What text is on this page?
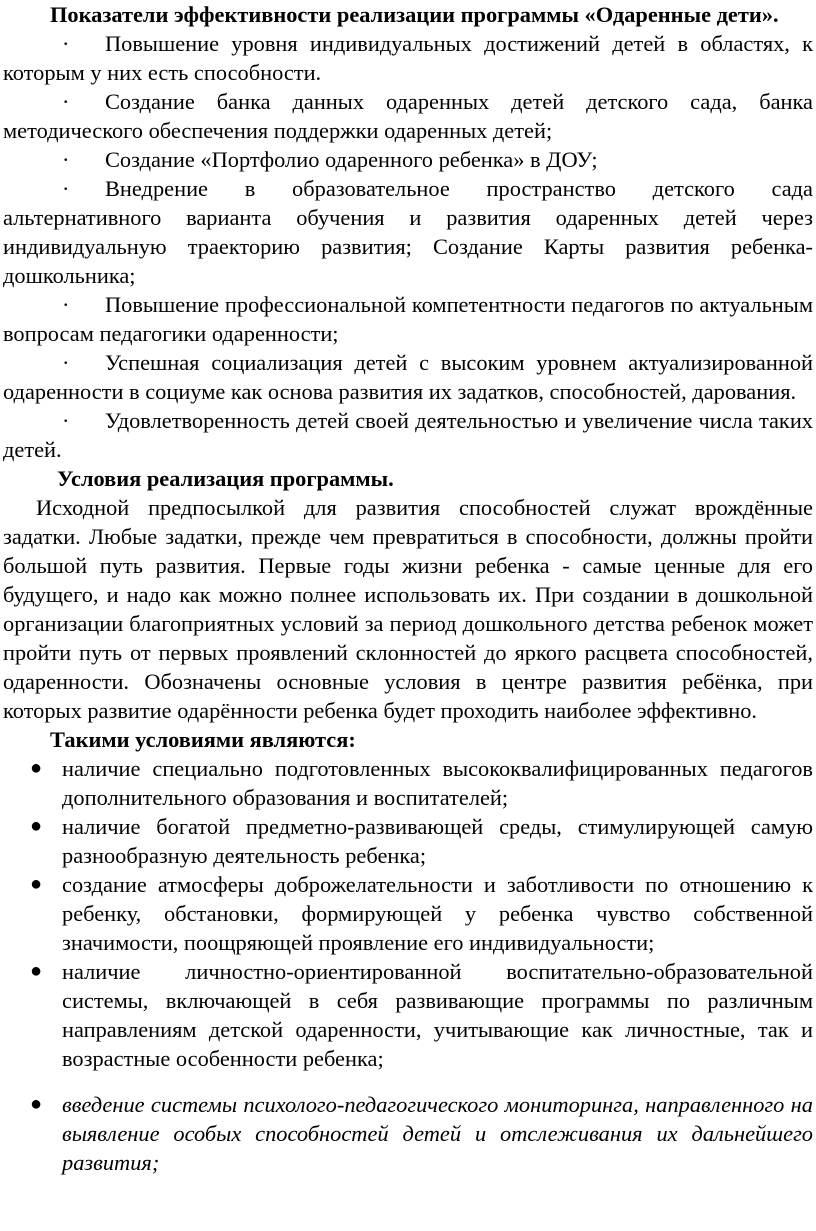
Показатели эффективности реализации программы «Одаренные дети».

· Повышение уровня индивидуальных достижений детей в областях, к которым у них есть способности.

· Создание банка данных одаренных детей детского сада, банка методического обеспечения поддержки одаренных детей;

· Создание «Портфолио одаренного ребенка» в ДОУ;

· Внедрение в образовательное пространство детского сада альтернативного варианта обучения и развития одаренных детей через индивидуальную траекторию развития; Создание Карты развития ребенка-дошкольника;

· Повышение профессиональной компетентности педагогов по актуальным вопросам педагогики одаренности;

· Успешная социализация детей с высоким уровнем актуализированной одаренности в социуме как основа развития их задатков, способностей, дарования.

· Удовлетворенность детей своей деятельностью и увеличение числа таких детей.

Условия реализация программы.

Исходной предпосылкой для развития способностей служат врождённые задатки. Любые задатки, прежде чем превратиться в способности, должны пройти большой путь развития. Первые годы жизни ребенка - самые ценные для его будущего, и надо как можно полнее использовать их. При создании в дошкольной организации благоприятных условий за период дошкольного детства ребенок может пройти путь от первых проявлений склонностей до яркого расцвета способностей, одаренности. Обозначены основные условия в центре развития ребёнка, при которых развитие одарённости ребенка будет проходить наиболее эффективно.

Такими условиями являются:

● наличие специально подготовленных высококвалифицированных педагогов дополнительного образования и воспитателей;
● наличие богатой предметно-развивающей среды, стимулирующей самую разнообразную деятельность ребенка;
● создание атмосферы доброжелательности и заботливости по отношению к ребенку, обстановки, формирующей у ребенка чувство собственной значимости, поощряющей проявление его индивидуальности;
● наличие личностно-ориентированной воспитательно-образовательной системы, включающей в себя развивающие программы по различным направлениям детской одаренности, учитывающие как личностные, так и возрастные особенности ребенка;
● введение системы психолого-педагогического мониторинга, направленного на выявление особых способностей детей и отслеживания их дальнейшего развития;
